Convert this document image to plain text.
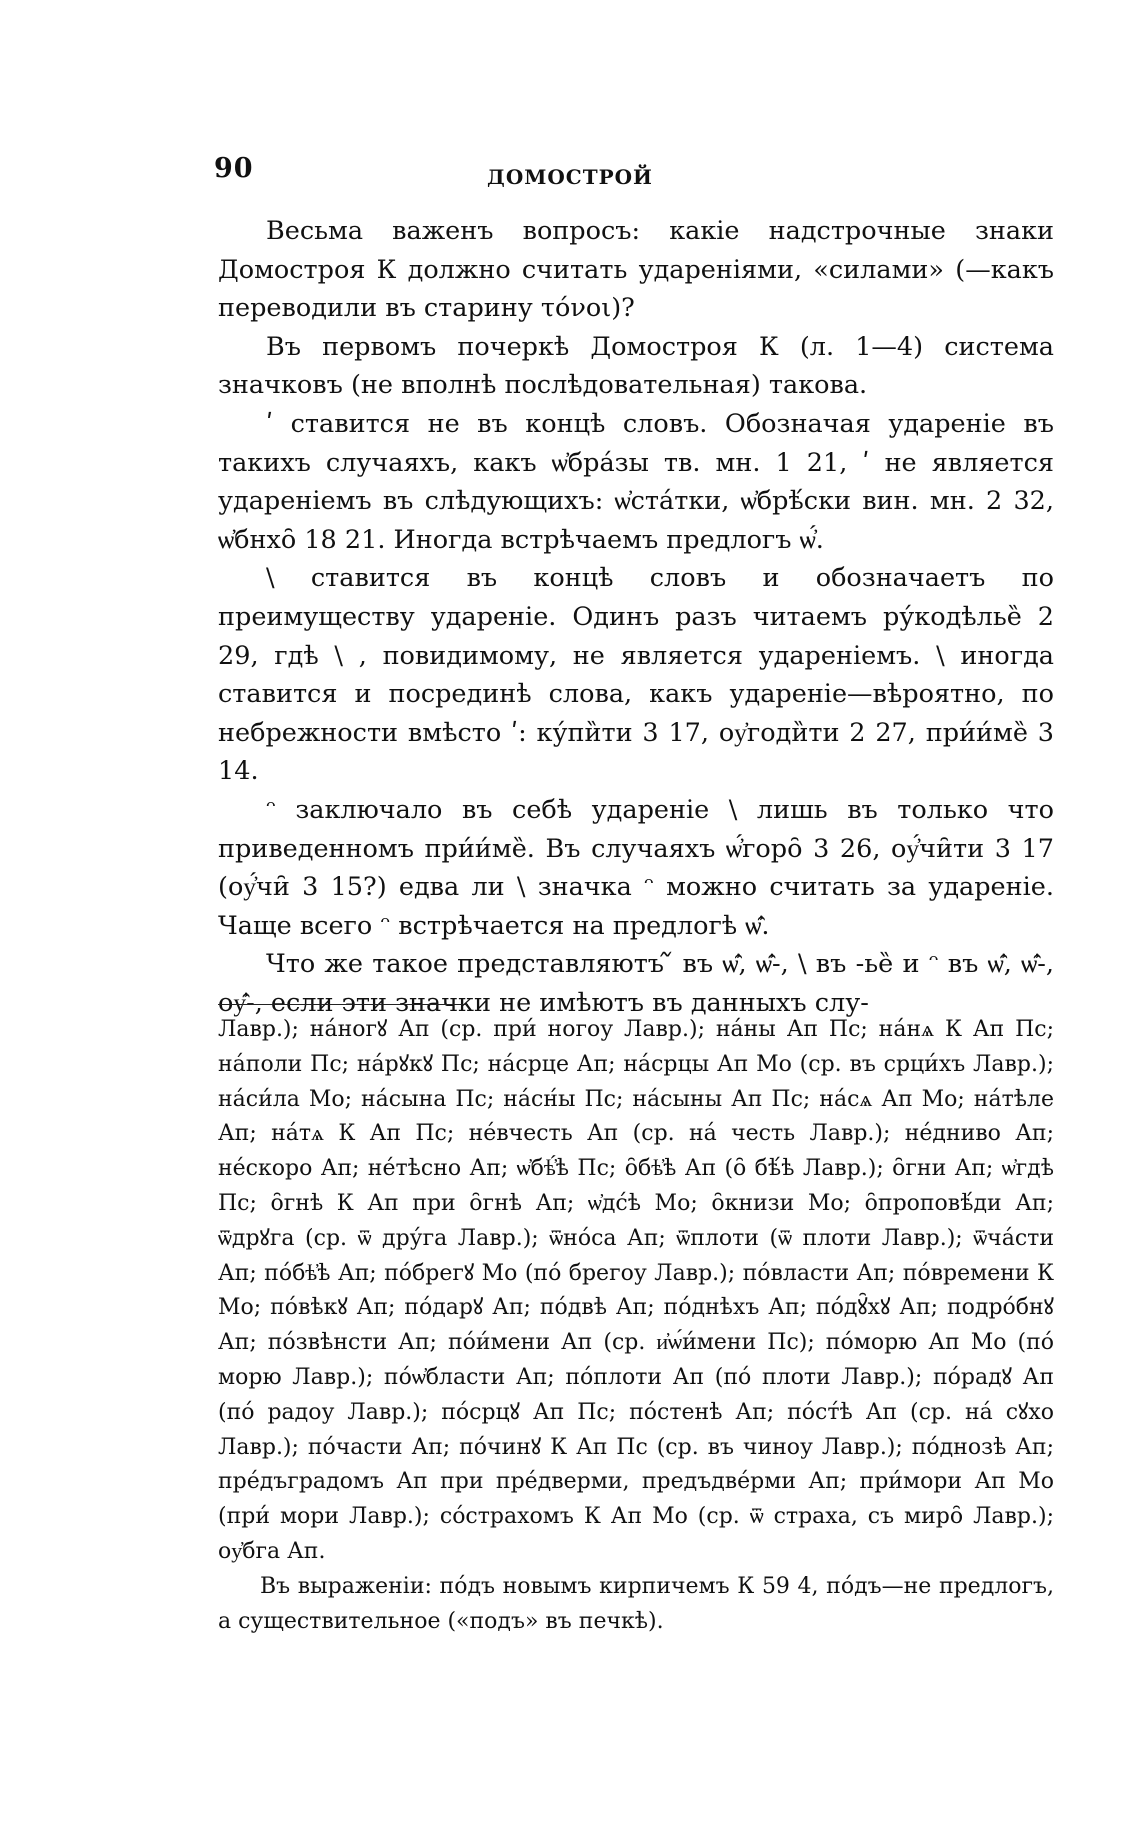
90	ДОМОСТРОЙ

Весьма важенъ вопросъ: какiе надстрочные знаки Домостроя К должно считать ударенiями, «силами» (—какъ переводили въ старину τόνοι)?

Въ первомъ почеркѣ Домостроя К (л. 1—4) система значковъ (не вполнѣ послѣдовательная) такова.

ʹ ставится не въ концѣ словъ. Обозначая удареніе въ такихъ случаяхъ, какъ ѡ҆бра́зы тв. мн. 1 21, ʹ не является удареніемъ въ слѣдующихъ: ѡ҆ста́тки, ѡ҆брѣ́ски вин. мн. 2 32, ѡ҆бнхо̑ 18 21. Иногда встрѣчаемъ предлогъ ѡ҆́.

\ ставится въ концѣ словъ и обозначаетъ по преимуществу удареніе. Одинъ разъ читаемъ ру́кодѣлье̏ 2 29, гдѣ \ , повидимому, не является удареніемъ. \ иногда ставится и посрединѣ слова, какъ удареніе—вѣроятно, по небрежности вмѣсто ʹ: ку́пи̏ти 3 17, оу҆годи̏ти 2 27, при́и́ме̏ 3 14.

ᵔ заключало въ себѣ удареніе \ лишь въ только что приведенномъ при́и́ме̏. Въ случаяхъ ѡ҆́горо̑ 3 26, оу҆́чи̑ти 3 17 (оу҆́чи̑ 3 15?) едва ли \ значка ᵔ можно считать за удареніе. Чаще всего ᵔ встрѣчается на предлогѣ ѡ҆̑.

Что же такое представляютъ ᷉ въ ѡ҆̑, ѡ҆̑-, \ въ -ье̏ и ᵔ въ ѡ҆̑, ѡ҆̑-, оу҆̑-, если эти значки не имѣютъ въ данныхъ слу-

Лавр.); на́ногꙋ Ап (ср. при́ ногоу Лавр.); на́ны Ап Пс; на́нѧ К Ап Пс; на́поли Пс; на́рꙋкꙋ Пс; на́срце Ап; на́срцы Ап Мо (ср. въ срци́хъ Лавр.); на́си́ла Мо; на́сына Пс; на́сн́ы Пс; на́сыны Ап Пс; на́сѧ Ап Мо; на́тѣле Ап; на́тѧ К Ап Пс; не́вчесть Ап (ср. на́ честь Лавр.); не́дниво Ап; не́скоро Ап; не́тѣсно Ап; ѡ҆бѣ҆́ѣ Пс; о̑бѣ҆ѣ Ап (о̑ бѣ́ѣ Лавр.); о̑гни Ап; ѡ҆гдѣ Пс; о̑гнѣ К Ап при о̑гнѣ Ап; ѡ҆дс́ѣ Мо; о̑книзи Мо; о̑проповѣ́ди Ап; ѿдрꙋга (ср. ѿ дру́га Лавр.); ѿно́са Ап; ѿплоти (ѿ плоти Лавр.); ѿча́сти Ап; по́бѣ҆ѣ Ап; по́брегꙋ Мо (по́ брегоу Лавр.); по́власти Ап; по́времени К Мо; по́вѣкꙋ Ап; по́дарꙋ Ап; по́двѣ Ап; по́днѣхъ Ап; по́дꙋ̑хꙋ Ап; подро́бнꙋ Ап; по́звѣнсти Ап; по́и́мени Ап (ср. и҆ѡ́и́мени Пс); по́морю Ап Мо (по́ морю Лавр.); по́ѡ҆бласти Ап; по́плоти Ап (по́ плоти Лавр.); по́радꙋ Ап (по́ радоу Лавр.); по́срцꙋ Ап Пс; по́стенѣ Ап; по́ст́ѣ Ап (ср. на́ сꙋхо Лавр.); по́части Ап; по́чинꙋ К Ап Пс (ср. въ чиноу Лавр.); по́днозѣ Ап; пре́дъградомъ Ап при пре́дверми, предъдве́рми Ап; при́мори Ап Мо (при́ мори Лавр.); со́страхомъ К Ап Мо (ср. ѿ страха, съ миро̑ Лавр.); оу҆бга Ап.

Въ выраженiи: по́дъ новымъ кирпичемъ К 59 4, по́дъ—не предлогъ, а существительное («подъ» въ печкѣ).
